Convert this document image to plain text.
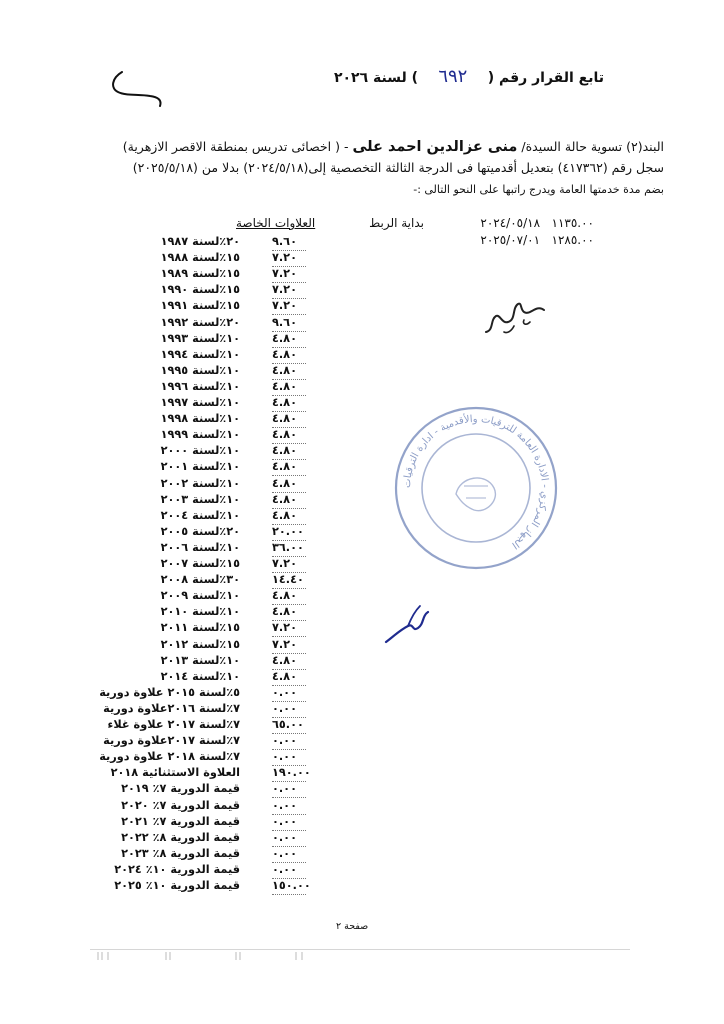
تابع القرار رقم ( ٦٩٢ ) لسنة ٢٠٢٦
البند(٢) تسوية حالة السيدة/ منى عزالدين احمد على - ( اخصائى تدريس بمنطقة الاقصر الازهرية)
سجل رقم (٤١٧٣٦٢) بتعديل أقدميتها فى الدرجة الثالثة التخصصية إلى(٢٠٢٤/٥/١٨) بدلا من (٢٠٢٥/٥/١٨)
بضم مدة خدمتها العامة ويدرج راتبها على النحو التالى :-
بداية الربط	١١٣٥.٠٠   ٢٠٢٤/٠٥/١٨
١٢٨٥.٠٠   ٢٠٢٥/٠٧/٠١
العلاوات الخاصة
٢٠٪لسنة ١٩٨٧	٩.٦٠
١٥٪لسنة ١٩٨٨	٧.٢٠
١٥٪لسنة ١٩٨٩	٧.٢٠
١٥٪لسنة ١٩٩٠	٧.٢٠
١٥٪لسنة ١٩٩١	٧.٢٠
٢٠٪لسنة ١٩٩٢	٩.٦٠
١٠٪لسنة ١٩٩٣	٤.٨٠
١٠٪لسنة ١٩٩٤	٤.٨٠
١٠٪لسنة ١٩٩٥	٤.٨٠
١٠٪لسنة ١٩٩٦	٤.٨٠
١٠٪لسنة ١٩٩٧	٤.٨٠
١٠٪لسنة ١٩٩٨	٤.٨٠
١٠٪لسنة ١٩٩٩	٤.٨٠
١٠٪لسنة ٢٠٠٠	٤.٨٠
١٠٪لسنة ٢٠٠١	٤.٨٠
١٠٪لسنة ٢٠٠٢	٤.٨٠
١٠٪لسنة ٢٠٠٣	٤.٨٠
١٠٪لسنة ٢٠٠٤	٤.٨٠
٢٠٪لسنة ٢٠٠٥	٢٠.٠٠
١٠٪لسنة ٢٠٠٦	٣٦.٠٠
١٥٪لسنة ٢٠٠٧	٧.٢٠
٣٠٪لسنة ٢٠٠٨	١٤.٤٠
١٠٪لسنة ٢٠٠٩	٤.٨٠
١٠٪لسنة ٢٠١٠	٤.٨٠
١٥٪لسنة ٢٠١١	٧.٢٠
١٥٪لسنة ٢٠١٢	٧.٢٠
١٠٪لسنة ٢٠١٣	٤.٨٠
١٠٪لسنة ٢٠١٤	٤.٨٠
٥٪لسنة ٢٠١٥ علاوة دورية	٠.٠٠
٧٪لسنة ٢٠١٦علاوة دورية	٠.٠٠
٧٪لسنة ٢٠١٧ علاوة غلاء	٦٥.٠٠
٧٪لسنة ٢٠١٧علاوة دورية	٠.٠٠
٧٪لسنة ٢٠١٨ علاوة دورية	٠.٠٠
العلاوة الاستثنائية ٢٠١٨	١٩٠.٠٠
قيمة الدورية ٧٪ ٢٠١٩	٠.٠٠
قيمة الدورية ٧٪ ٢٠٢٠	٠.٠٠
قيمة الدورية ٧٪ ٢٠٢١	٠.٠٠
قيمة الدورية ٨٪ ٢٠٢٢	٠.٠٠
قيمة الدورية ٨٪ ٢٠٢٣	٠.٠٠
قيمة الدورية ١٠٪ ٢٠٢٤	٠.٠٠
قيمة الدورية ١٠٪ ٢٠٢٥	١٥٠.٠٠
الجهاز المركزي - الادارة العامة للترقيات والأقدمية - ادارة الترقيات
صفحة ٢
